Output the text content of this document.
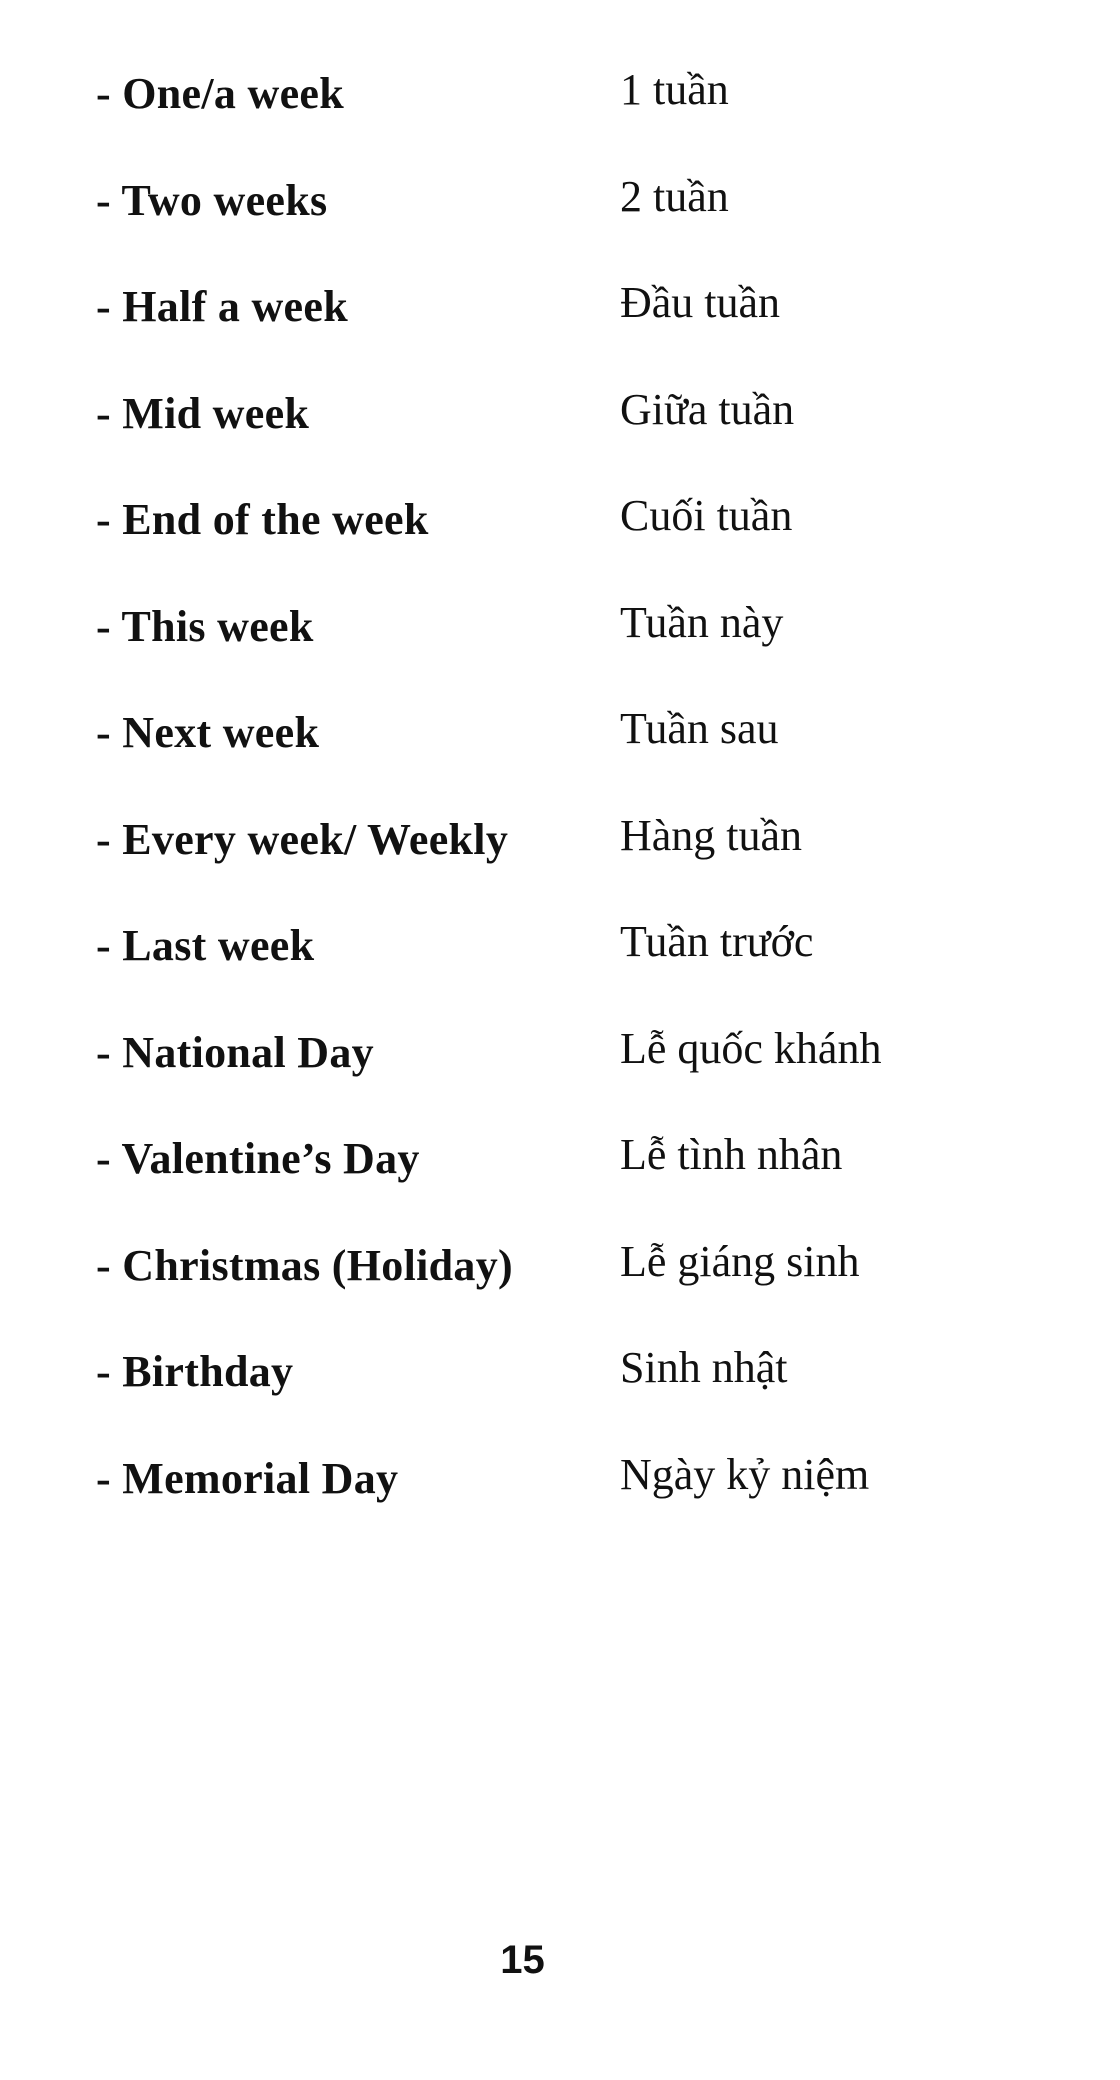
- One/a week	1 tuần
- Two weeks	2 tuần
- Half a week	Đầu tuần
- Mid week	Giữa tuần
- End of the week	Cuối tuần
- This week	Tuần này
- Next week	Tuần sau
- Every week/ Weekly	Hàng tuần
- Last week	Tuần trước
- National Day	Lễ quốc khánh
- Valentine’s Day	Lễ tình nhân
- Christmas (Holiday) Lễ giáng sinh
- Birthday	Sinh nhật
- Memorial Day	Ngày kỷ niệm
15
